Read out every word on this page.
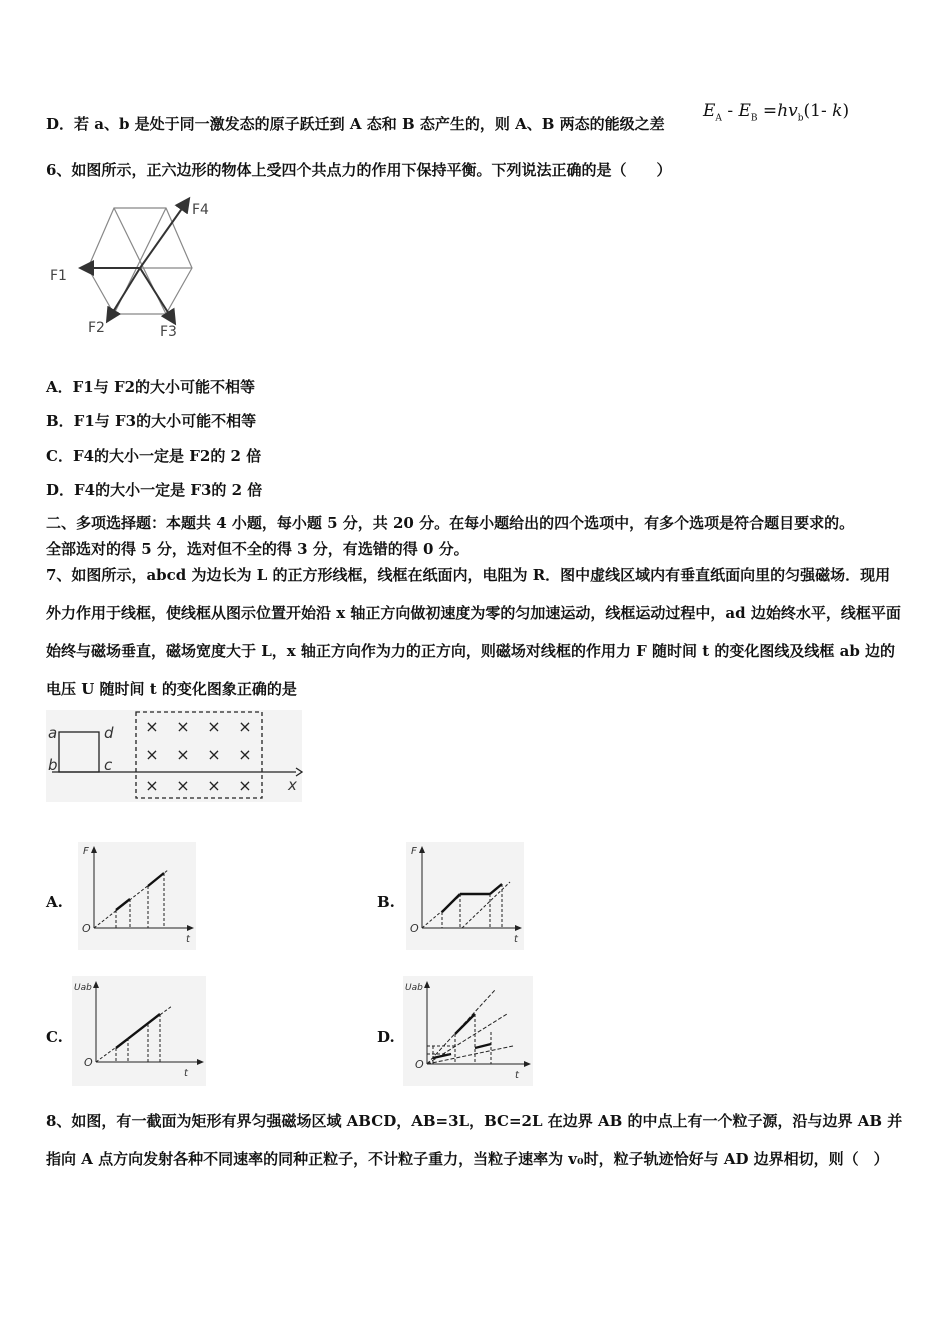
D．若 a、b 是处于同一激发态的原子跃迁到 A 态和 B 态产生的，则 A、B 两态的能级之差
$E_A - E_B =hv_b(1-$ k)
6、如图所示，正六边形的物体上受四个共点力的作用下保持平衡。下列说法正确的是（　　）
F4
F1
F2	F3
A．F1与 F2的大小可能不相等
B．F1与 F3的大小可能不相等
C．F4的大小一定是 F2的 2 倍
D．F4的大小一定是 F3的 2 倍
二、多项选择题：本题共 4 小题，每小题 5 分，共 20 分。在每小题给出的四个选项中，有多个选项是符合题目要求的。
全部选对的得 5 分，选对但不全的得 3 分，有选错的得 0 分。
7、如图所示，abcd 为边长为 L 的正方形线框，线框在纸面内，电阻为 R．图中虚线区域内有垂直纸面向里的匀强磁场．现用外力作用于线框，使线框从图示位置开始沿 x 轴正方向做初速度为零的匀加速运动，线框运动过程中，ad 边始终水平，线框平面始终与磁场垂直，磁场宽度大于 L，x 轴正方向作为力的正方向，则磁场对线框的作用力 F 随时间 t 的变化图线及线框 ab 边的电压 U 随时间 t 的变化图象正确的是
× × × ×
× × × ×
× × × ×
a	d
b	c
x
A.
F
O
t
B.
F
O
t
C.
Uab
O
t
D.
Uab
O
t
8、如图，有一截面为矩形有界匀强磁场区域 ABCD，AB=3L，BC=2L 在边界 AB 的中点上有一个粒子源，沿与边界 AB 并指向 A 点方向发射各种不同速率的同种正粒子，不计粒子重力，当粒子速率为 v₀时，粒子轨迹恰好与 AD 边界相切，则（　）
